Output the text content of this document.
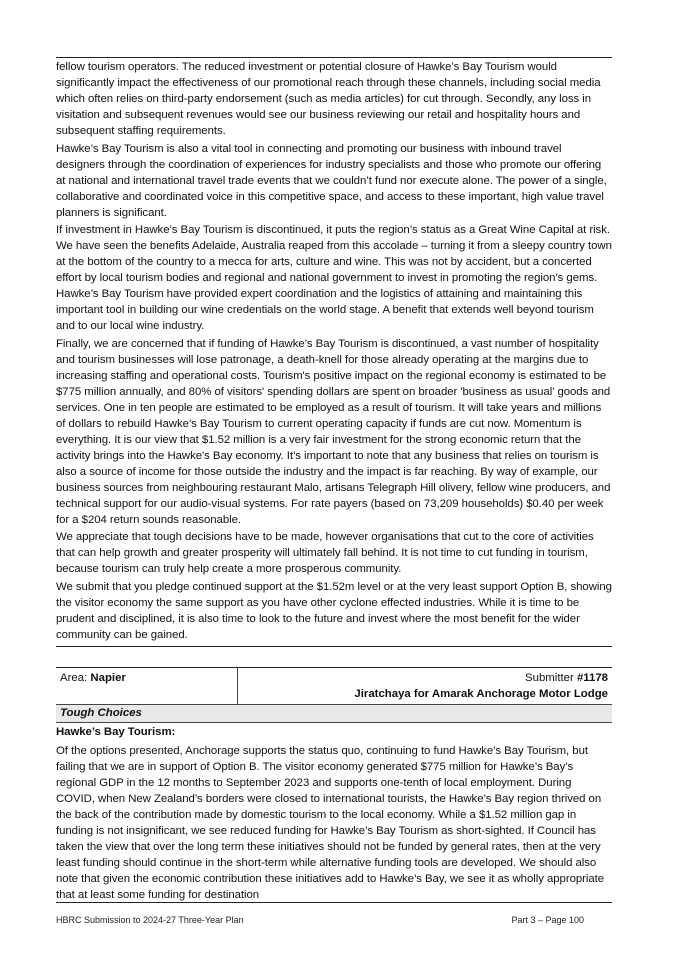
fellow tourism operators. The reduced investment or potential closure of Hawke’s Bay Tourism would significantly impact the effectiveness of our promotional reach through these channels, including social media which often relies on third-party endorsement (such as media articles) for cut through. Secondly, any loss in visitation and subsequent revenues would see our business reviewing our retail and hospitality hours and subsequent staffing requirements.

Hawke’s Bay Tourism is also a vital tool in connecting and promoting our business with inbound travel designers through the coordination of experiences for industry specialists and those who promote our offering at national and international travel trade events that we couldn’t fund nor execute alone. The power of a single, collaborative and coordinated voice in this competitive space, and access to these important, high value travel planners is significant.

If investment in Hawke’s Bay Tourism is discontinued, it puts the region’s status as a Great Wine Capital at risk. We have seen the benefits Adelaide, Australia reaped from this accolade – turning it from a sleepy country town at the bottom of the country to a mecca for arts, culture and wine. This was not by accident, but a concerted effort by local tourism bodies and regional and national government to invest in promoting the region’s gems. Hawke’s Bay Tourism have provided expert coordination and the logistics of attaining and maintaining this important tool in building our wine credentials on the world stage. A benefit that extends well beyond tourism and to our local wine industry.

Finally, we are concerned that if funding of Hawke’s Bay Tourism is discontinued, a vast number of hospitality and tourism businesses will lose patronage, a death-knell for those already operating at the margins due to increasing staffing and operational costs. Tourism's positive impact on the regional economy is estimated to be $775 million annually, and 80% of visitors' spending dollars are spent on broader 'business as usual' goods and services. One in ten people are estimated to be employed as a result of tourism. It will take years and millions of dollars to rebuild Hawke’s Bay Tourism to current operating capacity if funds are cut now. Momentum is everything. It is our view that $1.52 million is a very fair investment for the strong economic return that the activity brings into the Hawke's Bay economy. It’s important to note that any business that relies on tourism is also a source of income for those outside the industry and the impact is far reaching. By way of example, our business sources from neighbouring restaurant Malo, artisans Telegraph Hill olivery, fellow wine producers, and technical support for our audio-visual systems. For rate payers (based on 73,209 households) $0.40 per week for a $204 return sounds reasonable.

We appreciate that tough decisions have to be made, however organisations that cut to the core of activities that can help growth and greater prosperity will ultimately fall behind. It is not time to cut funding in tourism, because tourism can truly help create a more prosperous community.

We submit that you pledge continued support at the $1.52m level or at the very least support Option B, showing the visitor economy the same support as you have other cyclone effected industries. While it is time to be prudent and disciplined, it is also time to look to the future and invest where the most benefit for the wider community can be gained.

Area: Napier	Submitter #1178
Jiratchaya for Amarak Anchorage Motor Lodge
Tough Choices
Hawke’s Bay Tourism:

Of the options presented, Anchorage supports the status quo, continuing to fund Hawke’s Bay Tourism, but failing that we are in support of Option B. The visitor economy generated $775 million for Hawke’s Bay’s regional GDP in the 12 months to September 2023 and supports one-tenth of local employment. During COVID, when New Zealand’s borders were closed to international tourists, the Hawke’s Bay region thrived on the back of the contribution made by domestic tourism to the local economy. While a $1.52 million gap in funding is not insignificant, we see reduced funding for Hawke’s Bay Tourism as short-sighted. If Council has taken the view that over the long term these initiatives should not be funded by general rates, then at the very least funding should continue in the short-term while alternative funding tools are developed. We should also note that given the economic contribution these initiatives add to Hawke’s Bay, we see it as wholly appropriate that at least some funding for destination

HBRC Submission to 2024-27 Three-Year Plan	Part 3 – Page 100
